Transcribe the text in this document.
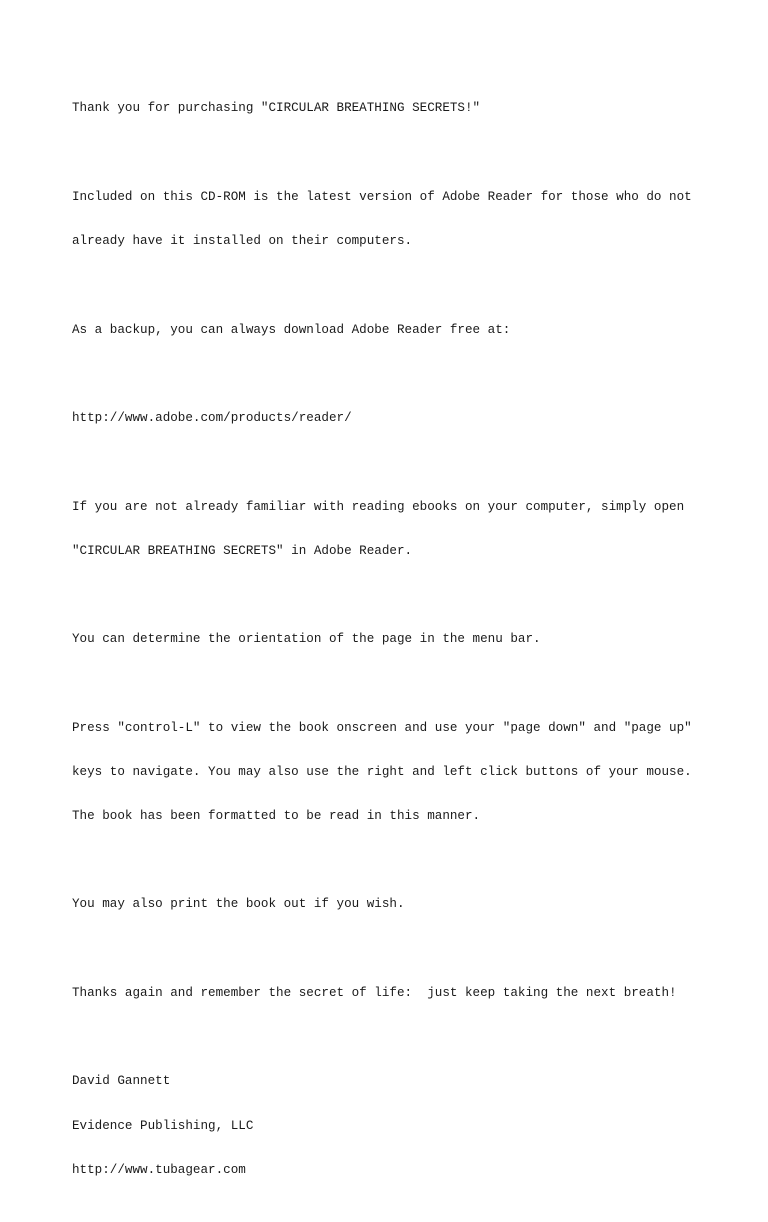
Thank you for purchasing "CIRCULAR BREATHING SECRETS!"

Included on this CD-ROM is the latest version of Adobe Reader for those who do not

already have it installed on their computers.

As a backup, you can always download Adobe Reader free at:

http://www.adobe.com/products/reader/

If you are not already familiar with reading ebooks on your computer, simply open

"CIRCULAR BREATHING SECRETS" in Adobe Reader.

You can determine the orientation of the page in the menu bar.

Press "control-L" to view the book onscreen and use your "page down" and "page up"

keys to navigate. You may also use the right and left click buttons of your mouse.

The book has been formatted to be read in this manner.

You may also print the book out if you wish.

Thanks again and remember the secret of life:  just keep taking the next breath!

David Gannett

Evidence Publishing, LLC

http://www.tubagear.com
